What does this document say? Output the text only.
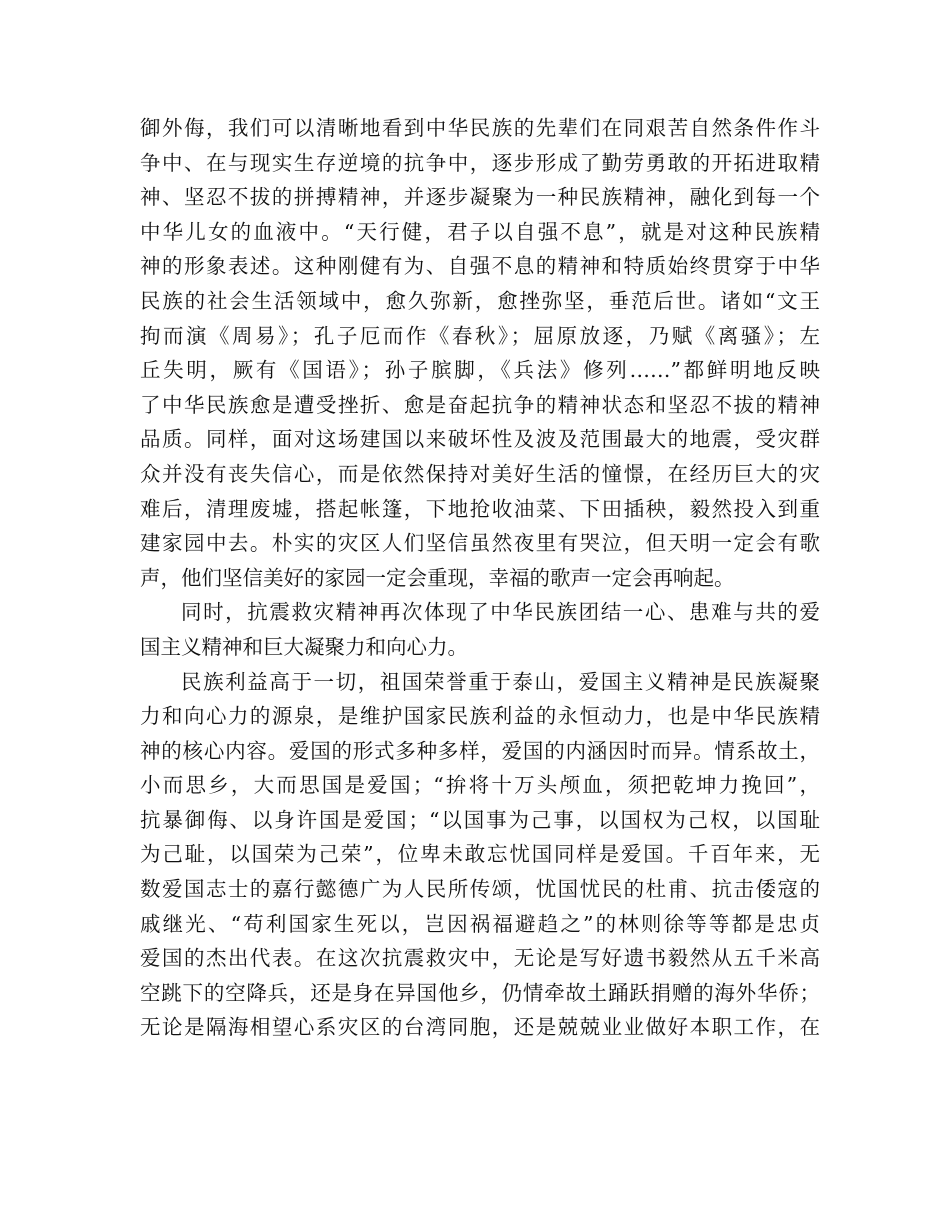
御外侮，我们可以清晰地看到中华民族的先辈们在同艰苦自然条件作斗
争中、在与现实生存逆境的抗争中，逐步形成了勤劳勇敢的开拓进取精
神、坚忍不拔的拼搏精神，并逐步凝聚为一种民族精神，融化到每一个
中华儿女的血液中。“天行健，君子以自强不息”，就是对这种民族精
神的形象表述。这种刚健有为、自强不息的精神和特质始终贯穿于中华
民族的社会生活领域中，愈久弥新，愈挫弥坚，垂范后世。诸如“文王
拘而演《周易》；孔子厄而作《春秋》；屈原放逐，乃赋《离骚》；左
丘失明，厥有《国语》；孙子膑脚，《兵法》修列……”都鲜明地反映
了中华民族愈是遭受挫折、愈是奋起抗争的精神状态和坚忍不拔的精神
品质。同样，面对这场建国以来破坏性及波及范围最大的地震，受灾群
众并没有丧失信心，而是依然保持对美好生活的憧憬，在经历巨大的灾
难后，清理废墟，搭起帐篷，下地抢收油菜、下田插秧，毅然投入到重
建家园中去。朴实的灾区人们坚信虽然夜里有哭泣，但天明一定会有歌
声，他们坚信美好的家园一定会重现，幸福的歌声一定会再响起。
同时，抗震救灾精神再次体现了中华民族团结一心、患难与共的爱
国主义精神和巨大凝聚力和向心力。
民族利益高于一切，祖国荣誉重于泰山，爱国主义精神是民族凝聚
力和向心力的源泉，是维护国家民族利益的永恒动力，也是中华民族精
神的核心内容。爱国的形式多种多样，爱国的内涵因时而异。情系故土，
小而思乡，大而思国是爱国；“拚将十万头颅血，须把乾坤力挽回”，
抗暴御侮、以身许国是爱国；“以国事为己事，以国权为己权，以国耻
为己耻，以国荣为己荣”，位卑未敢忘忧国同样是爱国。千百年来，无
数爱国志士的嘉行懿德广为人民所传颂，忧国忧民的杜甫、抗击倭寇的
戚继光、“苟利国家生死以，岂因祸福避趋之”的林则徐等等都是忠贞
爱国的杰出代表。在这次抗震救灾中，无论是写好遗书毅然从五千米高
空跳下的空降兵，还是身在异国他乡，仍情牵故土踊跃捐赠的海外华侨；
无论是隔海相望心系灾区的台湾同胞，还是兢兢业业做好本职工作，在
